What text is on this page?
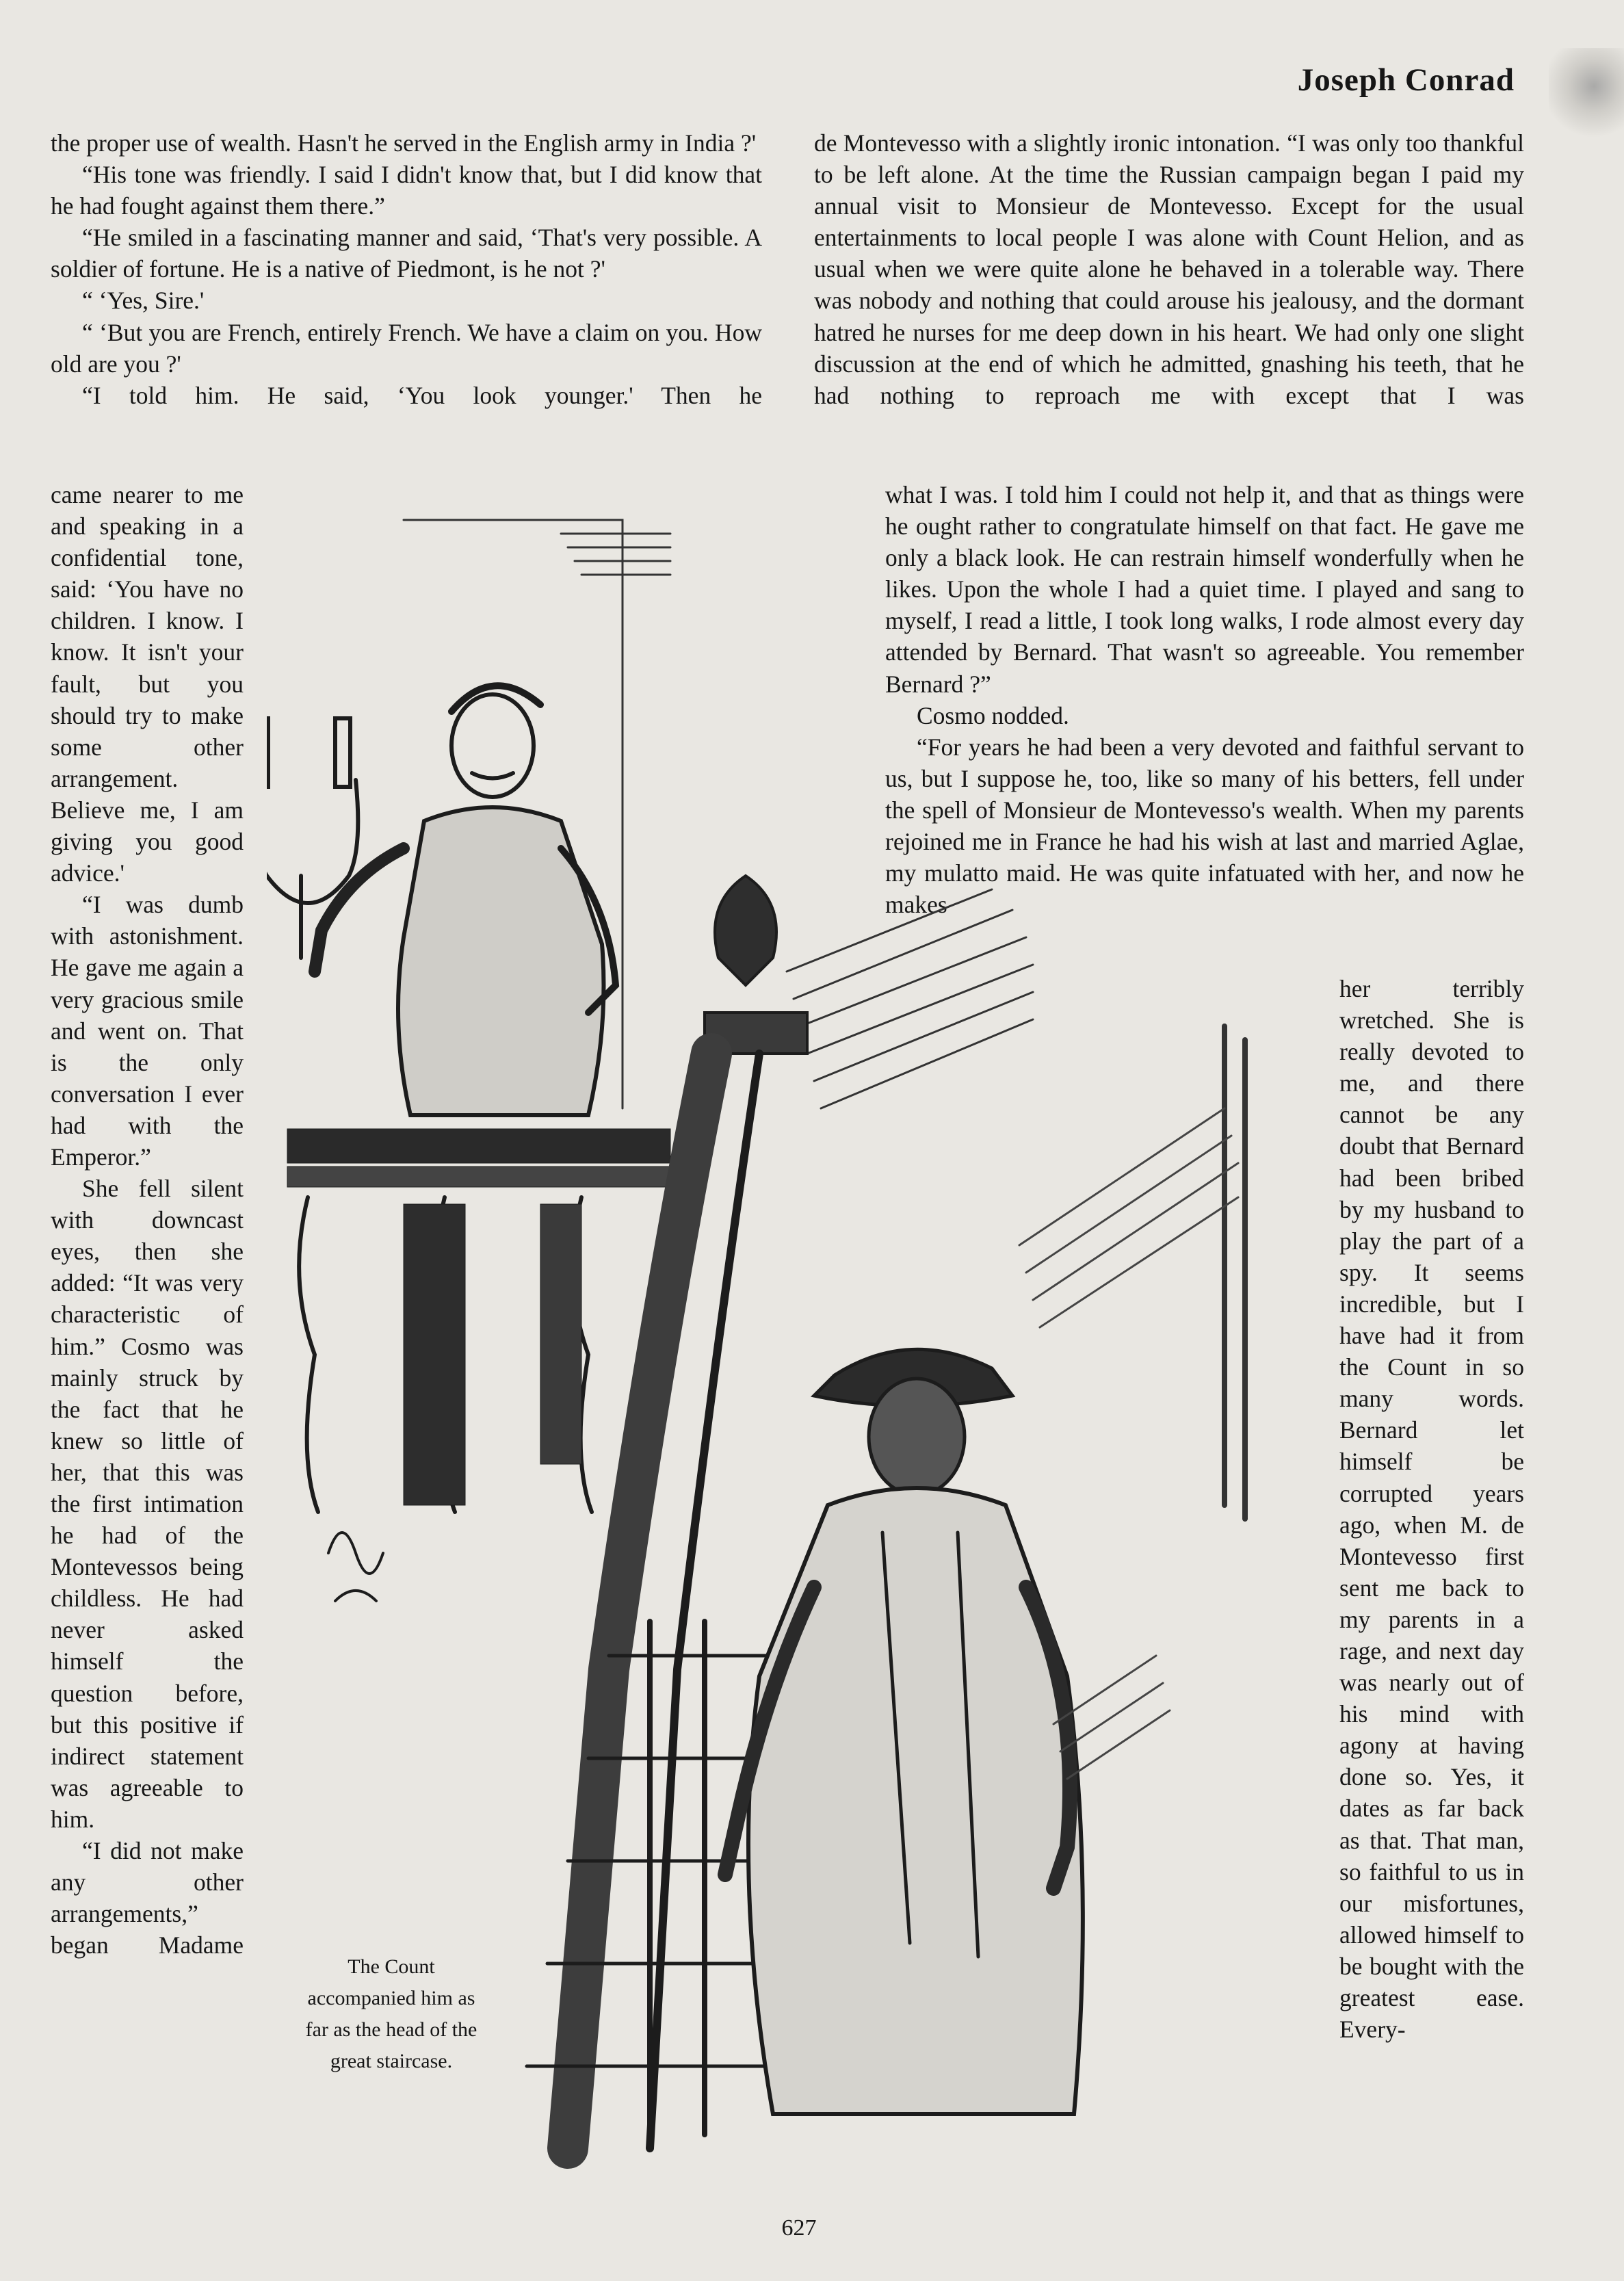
Joseph Conrad

the proper use of wealth. Hasn't he served in the English army in India ?'

“His tone was friendly. I said I didn't know that, but I did know that he had fought against them there.”

“He smiled in a fascinating manner and said, ‘That's very possible. A soldier of fortune. He is a native of Piedmont, is he not ?'

“ ‘Yes, Sire.'

“ ‘But you are French, entirely French. We have a claim on you. How old are you ?'

“I told him. He said, ‘You look younger.' Then he

came nearer to me and speaking in a confidential tone, said: ‘You have no children. I know. I know. It isn't your fault, but you should try to make some other arrangement. Believe me, I am giving you good advice.'

“I was dumb with astonishment. He gave me again a very gracious smile and went on. That is the only conversation I ever had with the Emperor.”

She fell silent with downcast eyes, then she added: “It was very characteristic of him.” Cosmo was mainly struck by the fact that he knew so little of her, that this was the first intimation he had of the Montevessos being childless. He had never asked himself the question before, but this positive if indirect statement was agreeable to him.

“I did not make any other arrangements,” began Madame

de Montevesso with a slightly ironic intonation. “I was only too thankful to be left alone. At the time the Russian campaign began I paid my annual visit to Monsieur de Montevesso. Except for the usual entertainments to local people I was alone with Count Helion, and as usual when we were quite alone he behaved in a tolerable way. There was nobody and nothing that could arouse his jealousy, and the dormant hatred he nurses for me deep down in his heart. We had only one slight discussion at the end of which he admitted, gnashing his teeth, that he had nothing to reproach me with except that I was

what I was. I told him I could not help it, and that as things were he ought rather to congratulate himself on that fact. He gave me only a black look. He can restrain himself wonderfully when he likes. Upon the whole I had a quiet time. I played and sang to myself, I read a little, I took long walks, I rode almost every day attended by Bernard. That wasn't so agreeable. You remember Bernard ?”

Cosmo nodded.

“For years he had been a very devoted and faithful servant to us, but I suppose he, too, like so many of his betters, fell under the spell of Monsieur de Montevesso's wealth. When my parents rejoined me in France he had his wish at last and married Aglae, my mulatto maid. He was quite infatuated with her, and now he makes

her terribly wretched. She is really devoted to me, and there cannot be any doubt that Bernard had been bribed by my husband to play the part of a spy. It seems incredible, but I have had it from the Count in so many words. Bernard let himself be corrupted years ago, when M. de Montevesso first sent me back to my parents in a rage, and next day was nearly out of his mind with agony at having done so. Yes, it dates as far back as that. That man, so faithful to us in our misfortunes, allowed himself to be bought with the greatest ease. Every-

The Count accompanied him as far as the head of the great staircase.
627
